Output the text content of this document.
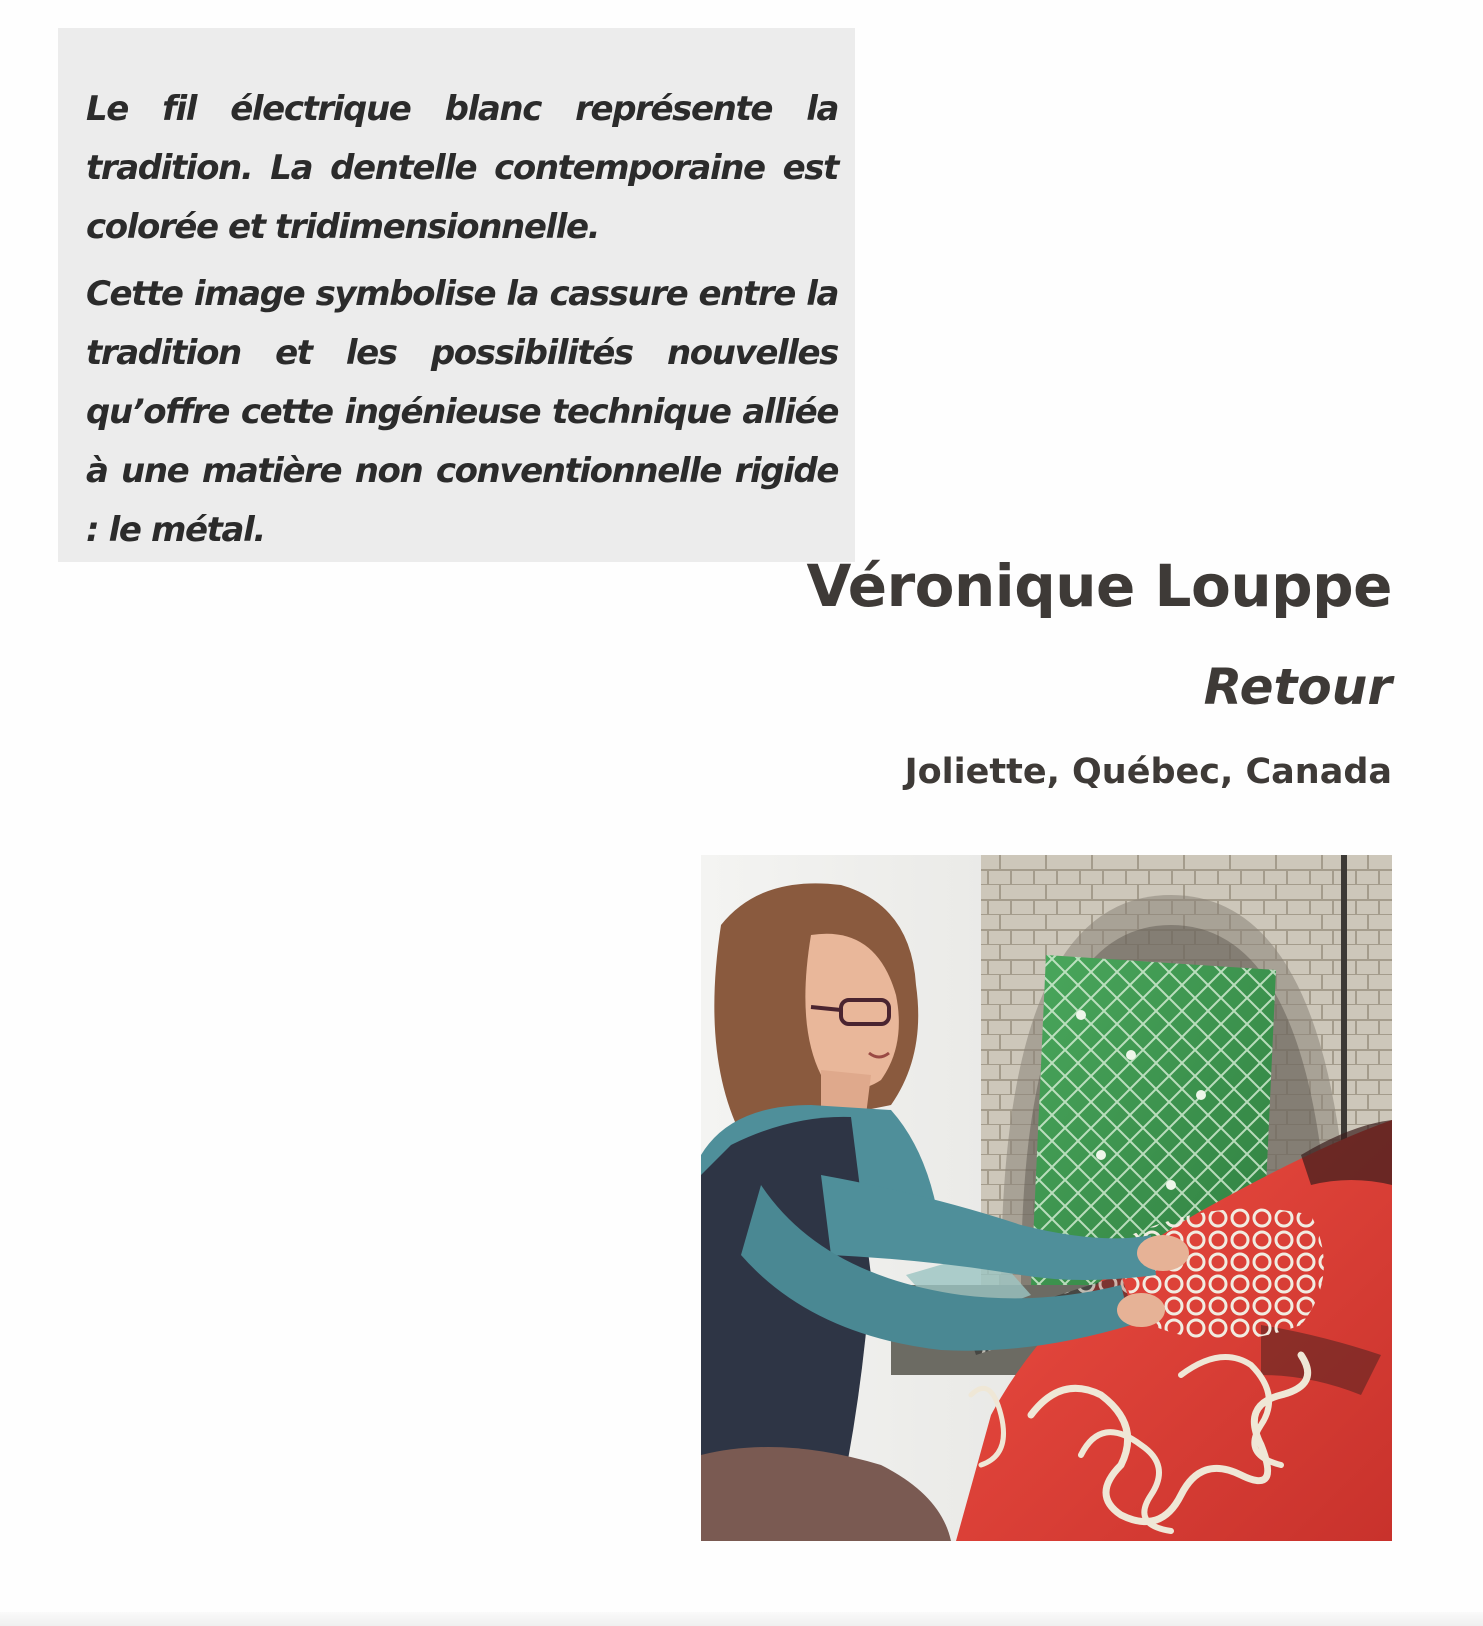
Le fil électrique blanc représente la tradition. La dentelle contemporaine est colorée et tridimensionnelle.

Cette image symbolise la cassure entre la tradition et les possibilités nouvelles qu’offre cette ingénieuse technique alliée à une matière non conventionnelle rigide : le métal.

Véronique Louppe
Retour
Joliette, Québec, Canada
